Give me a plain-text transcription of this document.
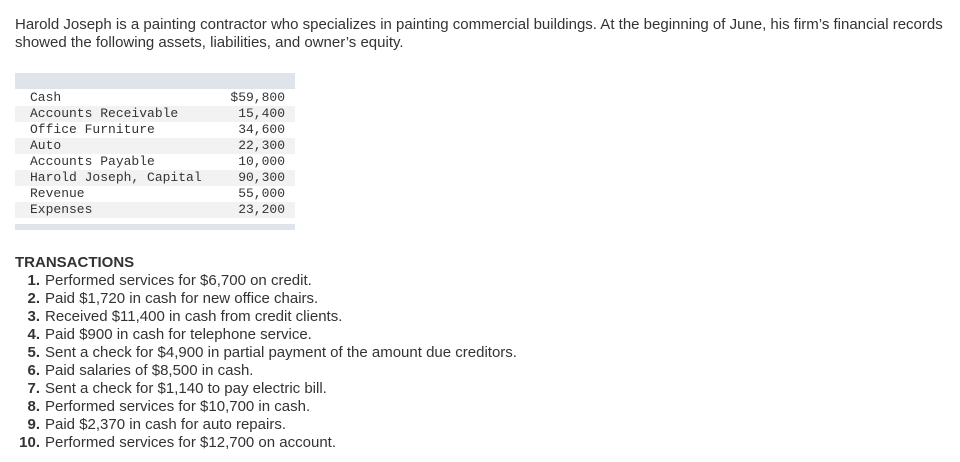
Harold Joseph is a painting contractor who specializes in painting commercial buildings. At the beginning of June, his firm’s financial records showed the following assets, liabilities, and owner’s equity.

Cash	$59,800
Accounts Receivable	15,400
Office Furniture	34,600
Auto	22,300
Accounts Payable	10,000
Harold Joseph, Capital	90,300
Revenue	55,000
Expenses	23,200

TRANSACTIONS

1. Performed services for $6,700 on credit.
2. Paid $1,720 in cash for new office chairs.
3. Received $11,400 in cash from credit clients.
4. Paid $900 in cash for telephone service.
5. Sent a check for $4,900 in partial payment of the amount due creditors.
6. Paid salaries of $8,500 in cash.
7. Sent a check for $1,140 to pay electric bill.
8. Performed services for $10,700 in cash.
9. Paid $2,370 in cash for auto repairs.
10. Performed services for $12,700 on account.
